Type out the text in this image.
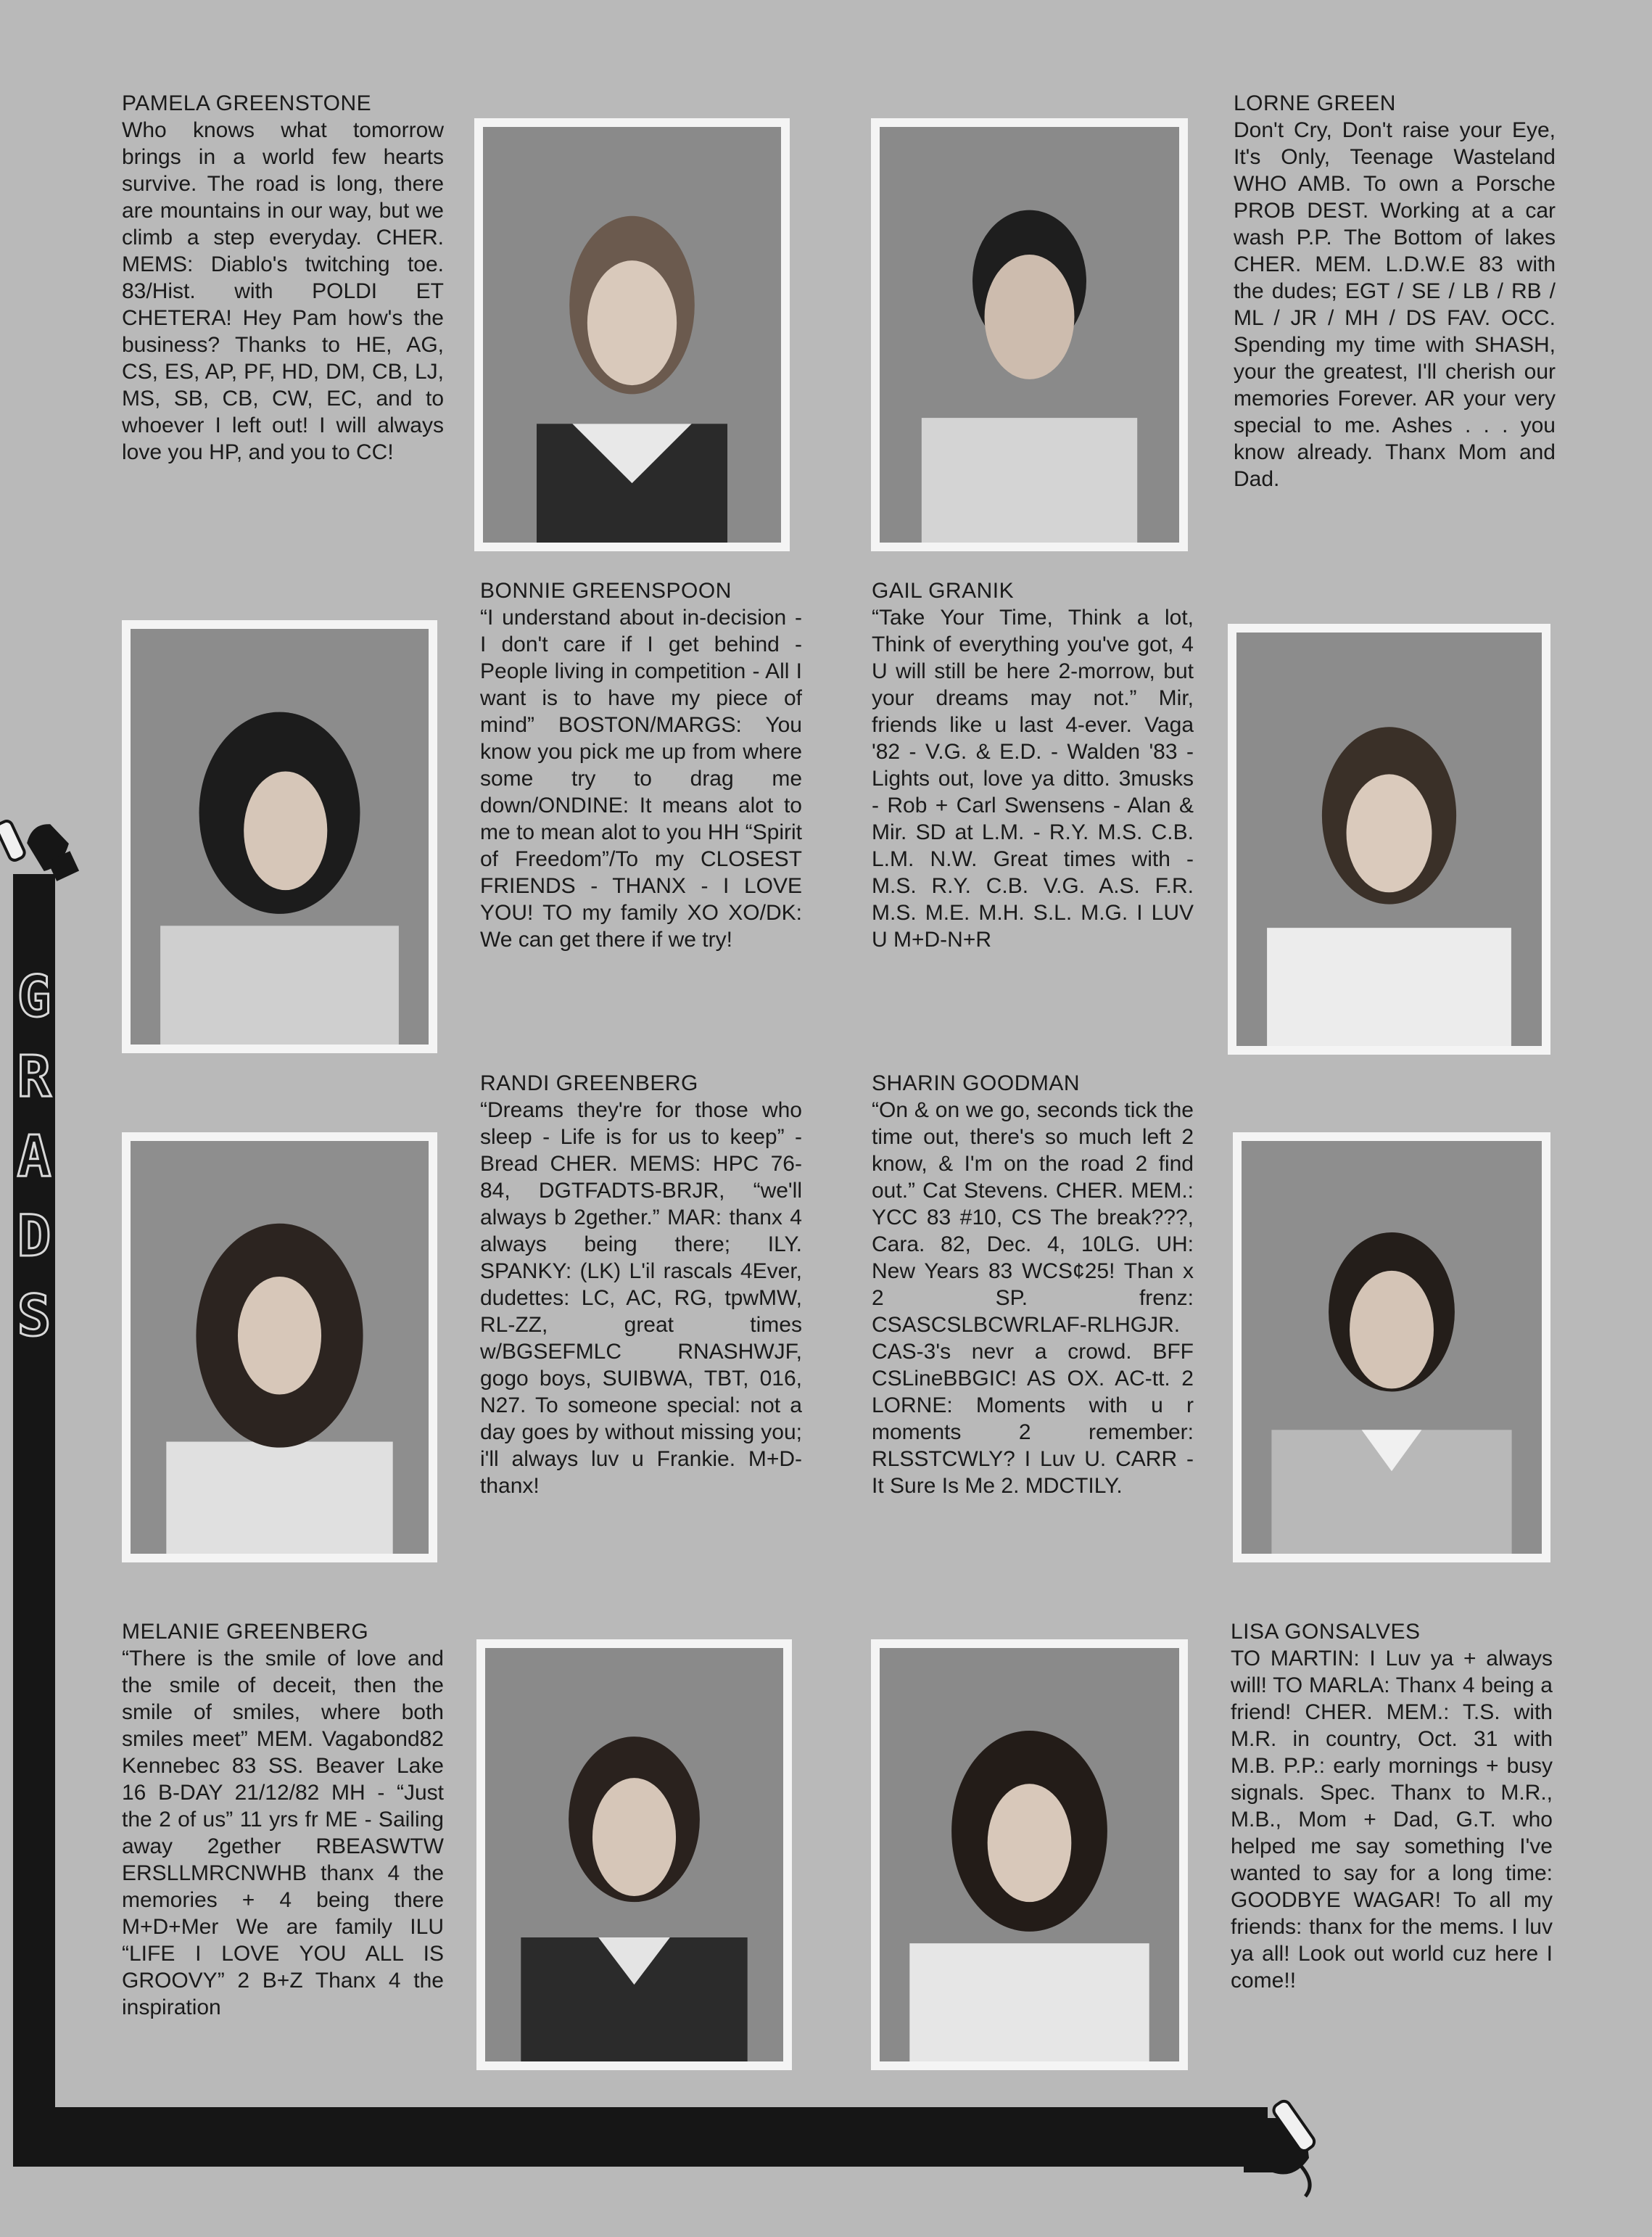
G
R
A
D
S
PAMELA GREENSTONE
Who knows what tomorrow brings in a world few hearts survive. The road is long, there are mountains in our way, but we climb a step everyday. CHER. MEMS: Diablo's twitching toe. 83/Hist. with POLDI ET CHETERA! Hey Pam how's the business? Thanks to HE, AG, CS, ES, AP, PF, HD, DM, CB, LJ, MS, SB, CB, CW, EC, and to whoever I left out! I will always love you HP, and you to CC!
LORNE GREEN
Don't Cry, Don't raise your Eye, It's Only, Teenage Wasteland WHO AMB. To own a Porsche PROB DEST. Working at a car wash P.P. The Bottom of lakes CHER. MEM. L.D.W.E 83 with the dudes; EGT / SE / LB / RB / ML / JR / MH / DS FAV. OCC. Spending my time with SHASH, your the greatest, I'll cherish our memories Forever. AR your very special to me. Ashes . . . you know already. Thanx Mom and Dad.
BONNIE GREENSPOON
“I understand about in-decision - I don't care if I get behind - People living in competition - All I want is to have my piece of mind” BOSTON/MARGS: You know you pick me up from where some try to drag me down/ONDINE: It means alot to me to mean alot to you HH “Spirit of Freedom”/To my CLOSEST FRIENDS - THANX - I LOVE YOU! TO my family XO XO/DK: We can get there if we try!
GAIL GRANIK
“Take Your Time, Think a lot, Think of everything you've got, 4 U will still be here 2-morrow, but your dreams may not.” Mir, friends like u last 4-ever. Vaga '82 - V.G. & E.D. - Walden '83 - Lights out, love ya ditto. 3musks - Rob + Carl Swensens - Alan & Mir. SD at L.M. - R.Y. M.S. C.B. L.M. N.W. Great times with - M.S. R.Y. C.B. V.G. A.S. F.R. M.S. M.E. M.H. S.L. M.G. I LUV U M+D-N+R
RANDI GREENBERG
“Dreams they're for those who sleep - Life is for us to keep” - Bread CHER. MEMS: HPC 76-84, DGTFADTS-BRJR, “we'll always b 2gether.” MAR: thanx 4 always being there; ILY. SPANKY: (LK) L'il rascals 4Ever, dudettes: LC, AC, RG, tpwMW, RL-ZZ, great times w/BGSEFMLC RNASHWJF, gogo boys, SUIBWA, TBT, 016, N27. To someone special: not a day goes by without missing you; i'll always luv u Frankie. M+D-thanx!
SHARIN GOODMAN
“On & on we go, seconds tick the time out, there's so much left 2 know, & I'm on the road 2 find out.” Cat Stevens. CHER. MEM.: YCC 83 #10, CS The break???, Cara. 82, Dec. 4, 10LG. UH: New Years 83 WCS¢25! Than x 2 SP. frenz: CSASCSLBCWRLAF-RLHGJR. CAS-3's nevr a crowd. BFF CSLineBBGIC! AS OX. AC-tt. 2 LORNE: Moments with u r moments 2 remember: RLSSTCWLY? I Luv U. CARR - It Sure Is Me 2. MDCTILY.
MELANIE GREENBERG
“There is the smile of love and the smile of deceit, then the smile of smiles, where both smiles meet” MEM. Vagabond82 Kennebec 83 SS. Beaver Lake 16 B-DAY 21/12/82 MH - “Just the 2 of us” 11 yrs fr ME - Sailing away 2gether RBEASWTW ERSLLMRCNWHB thanx 4 the memories + 4 being there M+D+Mer We are family ILU “LIFE I LOVE YOU ALL IS GROOVY” 2 B+Z Thanx 4 the inspiration
LISA GONSALVES
TO MARTIN: I Luv ya + always will! TO MARLA: Thanx 4 being a friend! CHER. MEM.: T.S. with M.R. in country, Oct. 31 with M.B. P.P.: early mornings + busy signals. Spec. Thanx to M.R., M.B., Mom + Dad, G.T. who helped me say something I've wanted to say for a long time: GOODBYE WAGAR! To all my friends: thanx for the mems. I luv ya all! Look out world cuz here I come!!
